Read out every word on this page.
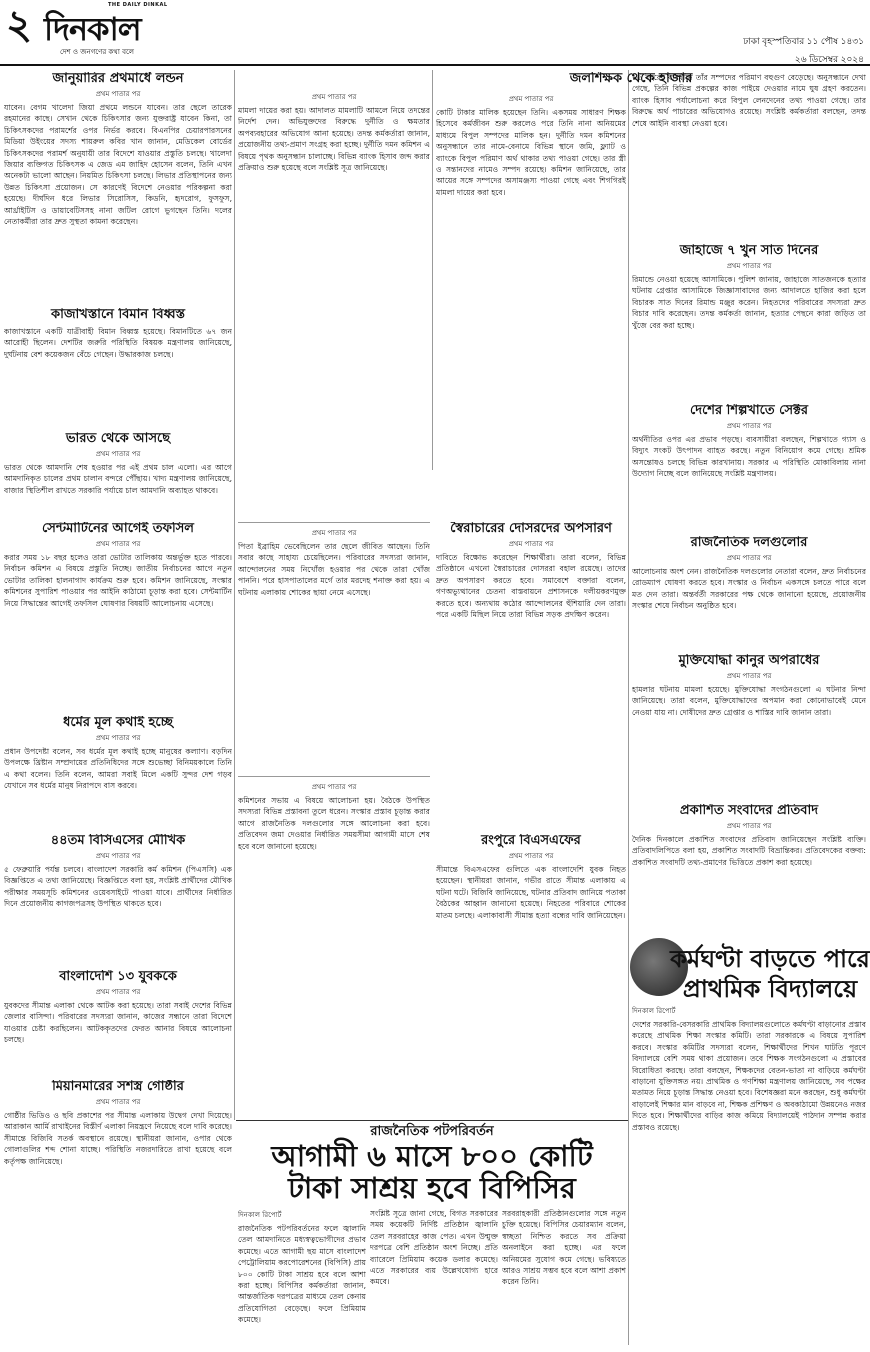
২ দিনকাল
THE DAILY DINKAL
দেশ ও জনগণের কথা বলে
ঢাকা বৃহস্পতিবার ১১ পৌষ ১৪৩১
২৬ ডিসেম্বর ২০২৪
জানুয়ারির প্রথমার্ধে লন্ডন
প্রথম পাতার পর
যাবেন। বেগম খালেদা জিয়া প্রথমে লন্ডনে যাবেন। তার ছেলে তারেক রহমানের কাছে। সেখান থেকে চিকিৎসার জন্য যুক্তরাষ্ট্র যাবেন কিনা, তা চিকিৎসকদের পরামর্শের ওপর নির্ভর করবে। বিএনপির চেয়ারপারসনের মিডিয়া উইংয়ের সদস্য শায়রুল কবির খান জানান, মেডিকেল বোর্ডের চিকিৎসকদের পরামর্শ অনুযায়ী তার বিদেশে যাওয়ার প্রস্তুতি চলছে। খালেদা জিয়ার ব্যক্তিগত চিকিৎসক এ জেড এম জাহিদ হোসেন বলেন, তিনি এখন অনেকটা ভালো আছেন। নিয়মিত চিকিৎসা চলছে। লিভার প্রতিস্থাপনের জন্য উন্নত চিকিৎসা প্রয়োজন। সে কারণেই বিদেশে নেওয়ার পরিকল্পনা করা হয়েছে। দীর্ঘদিন ধরে লিভার সিরোসিস, কিডনি, হৃদরোগ, ফুসফুস, আর্থ্রাইটিস ও ডায়াবেটিসসহ নানা জটিল রোগে ভুগছেন তিনি। দলের নেতাকর্মীরা তার দ্রুত সুস্থতা কামনা করেছেন।
কাজাখস্তানে বিমান বিধ্বস্ত
কাজাখস্তানে একটি যাত্রীবাহী বিমান বিধ্বস্ত হয়েছে। বিমানটিতে ৬৭ জন আরোহী ছিলেন। দেশটির জরুরি পরিস্থিতি বিষয়ক মন্ত্রণালয় জানিয়েছে, দুর্ঘটনায় বেশ কয়েকজন বেঁচে গেছেন। উদ্ধারকাজ চলছে।
ভারত থেকে আসছে
প্রথম পাতার পর
ভারত থেকে আমদানি শেষ হওয়ার পর এই প্রথম চাল এলো। এর আগে আমদানিকৃত চালের প্রথম চালান বন্দরে পৌঁছায়। খাদ্য মন্ত্রণালয় জানিয়েছে, বাজার স্থিতিশীল রাখতে সরকারি পর্যায়ে চাল আমদানি অব্যাহত থাকবে।
সেন্টমার্টিনের আগেই তফসিল
প্রথম পাতার পর
করার সময় ১৮ বছর হলেও তারা ভোটার তালিকায় অন্তর্ভুক্ত হতে পারবে। নির্বাচন কমিশন এ বিষয়ে প্রস্তুতি নিচ্ছে। জাতীয় নির্বাচনের আগে নতুন ভোটার তালিকা হালনাগাদ কার্যক্রম শুরু হবে। কমিশন জানিয়েছে, সংস্কার কমিশনের সুপারিশ পাওয়ার পর আইনি কাঠামো চূড়ান্ত করা হবে। সেন্টমার্টিন নিয়ে সিদ্ধান্তের আগেই তফসিল ঘোষণার বিষয়টি আলোচনায় এসেছে।
ধর্মের মূল কথাই হচ্ছে
প্রথম পাতার পর
প্রধান উপদেষ্টা বলেন, সব ধর্মের মূল কথাই হচ্ছে মানুষের কল্যাণ। বড়দিন উপলক্ষে খ্রিষ্টান সম্প্রদায়ের প্রতিনিধিদের সঙ্গে শুভেচ্ছা বিনিময়কালে তিনি এ কথা বলেন। তিনি বলেন, আমরা সবাই মিলে একটি সুন্দর দেশ গড়ব যেখানে সব ধর্মের মানুষ নিরাপদে বাস করবে।
৪৪তম বিসিএসের মৌখিক
প্রথম পাতার পর
৫ ফেব্রুয়ারি পর্যন্ত চলবে। বাংলাদেশ সরকারি কর্ম কমিশন (পিএসসি) এক বিজ্ঞপ্তিতে এ তথ্য জানিয়েছে। বিজ্ঞপ্তিতে বলা হয়, সংশ্লিষ্ট প্রার্থীদের মৌখিক পরীক্ষার সময়সূচি কমিশনের ওয়েবসাইটে পাওয়া যাবে। প্রার্থীদের নির্ধারিত দিনে প্রয়োজনীয় কাগজপত্রসহ উপস্থিত থাকতে হবে।
বাংলাদেশি ১৩ যুবককে
প্রথম পাতার পর
যুবকদের সীমান্ত এলাকা থেকে আটক করা হয়েছে। তারা সবাই দেশের বিভিন্ন জেলার বাসিন্দা। পরিবারের সদস্যরা জানান, কাজের সন্ধানে তারা বিদেশে যাওয়ার চেষ্টা করছিলেন। আটককৃতদের ফেরত আনার বিষয়ে আলোচনা চলছে।
মিয়ানমারের সশস্ত্র গোষ্ঠীর
প্রথম পাতার পর
গোষ্ঠীর ভিডিও ও ছবি প্রকাশের পর সীমান্ত এলাকায় উদ্বেগ দেখা দিয়েছে। আরাকান আর্মি রাখাইনের বিস্তীর্ণ এলাকা নিয়ন্ত্রণে নিয়েছে বলে দাবি করেছে। সীমান্তে বিজিবি সতর্ক অবস্থানে রয়েছে। স্থানীয়রা জানান, ওপার থেকে গোলাগুলির শব্দ শোনা যাচ্ছে। পরিস্থিতি নজরদারিতে রাখা হয়েছে বলে কর্তৃপক্ষ জানিয়েছে।
প্রথম পাতার পর
মামলা দায়ের করা হয়। আদালত মামলাটি আমলে নিয়ে তদন্তের নির্দেশ দেন। অভিযুক্তদের বিরুদ্ধে দুর্নীতি ও ক্ষমতার অপব্যবহারের অভিযোগ আনা হয়েছে। তদন্ত কর্মকর্তারা জানান, প্রয়োজনীয় তথ্য-প্রমাণ সংগ্রহ করা হচ্ছে। দুর্নীতি দমন কমিশন এ বিষয়ে পৃথক অনুসন্ধান চালাচ্ছে। বিভিন্ন ব্যাংক হিসাব জব্দ করার প্রক্রিয়াও শুরু হয়েছে বলে সংশ্লিষ্ট সূত্র জানিয়েছে।
প্রথম পাতার পর
পিতা ইব্রাহিম ভেবেছিলেন তার ছেলে জীবিত আছেন। তিনি সবার কাছে সাহায্য চেয়েছিলেন। পরিবারের সদস্যরা জানান, আন্দোলনের সময় নিখোঁজ হওয়ার পর থেকে তারা খোঁজ পাননি। পরে হাসপাতালের মর্গে তার মরদেহ শনাক্ত করা হয়। এ ঘটনায় এলাকায় শোকের ছায়া নেমে এসেছে।
প্রথম পাতার পর
কমিশনের সভায় এ বিষয়ে আলোচনা হয়। বৈঠকে উপস্থিত সদস্যরা বিভিন্ন প্রস্তাবনা তুলে ধরেন। সংস্কার প্রস্তাব চূড়ান্ত করার আগে রাজনৈতিক দলগুলোর সঙ্গে আলোচনা করা হবে। প্রতিবেদন জমা দেওয়ার নির্ধারিত সময়সীমা আগামী মাসে শেষ হবে বলে জানানো হয়েছে।
জলশিক্ষক থেকে হাজার
প্রথম পাতার পর
কোটি টাকার মালিক হয়েছেন তিনি। একসময় সাধারণ শিক্ষক হিসেবে কর্মজীবন শুরু করলেও পরে তিনি নানা অনিয়মের মাধ্যমে বিপুল সম্পদের মালিক হন। দুর্নীতি দমন কমিশনের অনুসন্ধানে তার নামে-বেনামে বিভিন্ন স্থানে জমি, ফ্ল্যাট ও ব্যাংকে বিপুল পরিমাণ অর্থ থাকার তথ্য পাওয়া গেছে। তার স্ত্রী ও সন্তানদের নামেও সম্পদ রয়েছে। কমিশন জানিয়েছে, তার আয়ের সঙ্গে সম্পদের অসামঞ্জস্য পাওয়া গেছে এবং শিগগিরই মামলা দায়ের করা হবে।
স্বৈরাচারের দোসরদের অপসারণ
প্রথম পাতার পর
দাবিতে বিক্ষোভ করেছেন শিক্ষার্থীরা। তারা বলেন, বিভিন্ন প্রতিষ্ঠানে এখনো স্বৈরাচারের দোসররা বহাল রয়েছে। তাদের দ্রুত অপসারণ করতে হবে। সমাবেশে বক্তারা বলেন, গণঅভ্যুত্থানের চেতনা বাস্তবায়নে প্রশাসনকে দলীয়করণমুক্ত করতে হবে। অন্যথায় কঠোর আন্দোলনের হুঁশিয়ারি দেন তারা। পরে একটি মিছিল নিয়ে তারা বিভিন্ন সড়ক প্রদক্ষিণ করেন।
রংপুরে বিএসএফের
প্রথম পাতার পর
সীমান্তে বিএসএফের গুলিতে এক বাংলাদেশি যুবক নিহত হয়েছেন। স্থানীয়রা জানান, গভীর রাতে সীমান্ত এলাকায় এ ঘটনা ঘটে। বিজিবি জানিয়েছে, ঘটনার প্রতিবাদ জানিয়ে পতাকা বৈঠকের আহ্বান জানানো হয়েছে। নিহতের পরিবারে শোকের মাতম চলছে। এলাকাবাসী সীমান্ত হত্যা বন্ধের দাবি জানিয়েছেন।
১৫ বছরের ব্যবধানে তাঁর সম্পদের পরিমাণ বহুগুণ বেড়েছে। অনুসন্ধানে দেখা গেছে, তিনি বিভিন্ন প্রকল্পের কাজ পাইয়ে দেওয়ার নামে ঘুষ গ্রহণ করতেন। ব্যাংক হিসাব পর্যালোচনা করে বিপুল লেনদেনের তথ্য পাওয়া গেছে। তার বিরুদ্ধে অর্থ পাচারের অভিযোগও রয়েছে। সংশ্লিষ্ট কর্মকর্তারা বলছেন, তদন্ত শেষে আইনি ব্যবস্থা নেওয়া হবে।
জাহাজে ৭ খুন সাত দিনের
প্রথম পাতার পর
রিমান্ডে নেওয়া হয়েছে আসামিকে। পুলিশ জানায়, জাহাজে সাতজনকে হত্যার ঘটনায় গ্রেপ্তার আসামিকে জিজ্ঞাসাবাদের জন্য আদালতে হাজির করা হলে বিচারক সাত দিনের রিমান্ড মঞ্জুর করেন। নিহতদের পরিবারের সদস্যরা দ্রুত বিচার দাবি করেছেন। তদন্ত কর্মকর্তা জানান, হত্যার পেছনে কারা জড়িত তা খুঁজে বের করা হচ্ছে।
দেশের শিল্পখাতে সেক্টর
প্রথম পাতার পর
অর্থনীতির ওপর এর প্রভাব পড়ছে। ব্যবসায়ীরা বলছেন, শিল্পখাতে গ্যাস ও বিদ্যুৎ সংকট উৎপাদন ব্যাহত করছে। নতুন বিনিয়োগ কমে গেছে। শ্রমিক অসন্তোষও চলছে বিভিন্ন কারখানায়। সরকার এ পরিস্থিতি মোকাবিলায় নানা উদ্যোগ নিচ্ছে বলে জানিয়েছে সংশ্লিষ্ট মন্ত্রণালয়।
রাজনৈতিক দলগুলোর
প্রথম পাতার পর
আলোচনায় অংশ নেন। রাজনৈতিক দলগুলোর নেতারা বলেন, দ্রুত নির্বাচনের রোডম্যাপ ঘোষণা করতে হবে। সংস্কার ও নির্বাচন একসঙ্গে চলতে পারে বলে মত দেন তারা। অন্তর্বর্তী সরকারের পক্ষ থেকে জানানো হয়েছে, প্রয়োজনীয় সংস্কার শেষে নির্বাচন অনুষ্ঠিত হবে।
মুক্তিযোদ্ধা কানুর অপরাধের
প্রথম পাতার পর
হামলার ঘটনায় মামলা হয়েছে। মুক্তিযোদ্ধা সংগঠনগুলো এ ঘটনার নিন্দা জানিয়েছে। তারা বলেন, মুক্তিযোদ্ধাদের অপমান করা কোনোভাবেই মেনে নেওয়া যায় না। দোষীদের দ্রুত গ্রেপ্তার ও শাস্তির দাবি জানান তারা।
প্রকাশিত সংবাদের প্রতিবাদ
প্রথম পাতার পর
দৈনিক দিনকালে প্রকাশিত সংবাদের প্রতিবাদ জানিয়েছেন সংশ্লিষ্ট ব্যক্তি। প্রতিবাদলিপিতে বলা হয়, প্রকাশিত সংবাদটি বিভ্রান্তিকর। প্রতিবেদকের বক্তব্য: প্রকাশিত সংবাদটি তথ্য-প্রমাণের ভিত্তিতে প্রকাশ করা হয়েছে।
কর্মঘণ্টা বাড়তে পারে
প্রাথমিক বিদ্যালয়ে
দিনকাল রিপোর্ট
দেশের সরকারি-বেসরকারি প্রাথমিক বিদ্যালয়গুলোতে কর্মঘণ্টা বাড়ানোর প্রস্তাব করেছে প্রাথমিক শিক্ষা সংস্কার কমিটি। তারা সরকারকে এ বিষয়ে সুপারিশ করবে। সংস্কার কমিটির সদস্যরা বলেন, শিক্ষার্থীদের শিখন ঘাটতি পূরণে বিদ্যালয়ে বেশি সময় থাকা প্রয়োজন। তবে শিক্ষক সংগঠনগুলো এ প্রস্তাবের বিরোধিতা করছে। তারা বলছেন, শিক্ষকদের বেতন-ভাতা না বাড়িয়ে কর্মঘণ্টা বাড়ানো যুক্তিসঙ্গত নয়। প্রাথমিক ও গণশিক্ষা মন্ত্রণালয় জানিয়েছে, সব পক্ষের মতামত নিয়ে চূড়ান্ত সিদ্ধান্ত নেওয়া হবে। বিশেষজ্ঞরা মনে করছেন, শুধু কর্মঘণ্টা বাড়ালেই শিক্ষার মান বাড়বে না, শিক্ষক প্রশিক্ষণ ও অবকাঠামো উন্নয়নেও নজর দিতে হবে। শিক্ষার্থীদের বাড়ির কাজ কমিয়ে বিদ্যালয়েই পাঠদান সম্পন্ন করার প্রস্তাবও রয়েছে।
রাজনৈতিক পটপরিবর্তন
আগামী ৬ মাসে ৮০০ কোটি
টাকা সাশ্রয় হবে বিপিসির
দিনকাল রিপোর্ট
রাজনৈতিক পটপরিবর্তনের ফলে জ্বালানি তেল আমদানিতে মধ্যস্বত্বভোগীদের প্রভাব কমেছে। এতে আগামী ছয় মাসে বাংলাদেশ পেট্রোলিয়াম করপোরেশনের (বিপিসি) প্রায় ৮০০ কোটি টাকা সাশ্রয় হবে বলে আশা করা হচ্ছে। বিপিসির কর্মকর্তারা জানান, আন্তর্জাতিক দরপত্রের মাধ্যমে তেল কেনায় প্রতিযোগিতা বেড়েছে। ফলে প্রিমিয়াম কমেছে।
সংশ্লিষ্ট সূত্রে জানা গেছে, বিগত সরকারের সময় কয়েকটি নির্দিষ্ট প্রতিষ্ঠান জ্বালানি তেল সরবরাহের কাজ পেত। এখন উন্মুক্ত দরপত্রে বেশি প্রতিষ্ঠান অংশ নিচ্ছে। প্রতি ব্যারেলে প্রিমিয়াম কয়েক ডলার কমেছে। এতে সরকারের ব্যয় উল্লেখযোগ্য হারে কমবে।
সরবরাহকারী প্রতিষ্ঠানগুলোর সঙ্গে নতুন চুক্তি হয়েছে। বিপিসির চেয়ারম্যান বলেন, স্বচ্ছতা নিশ্চিত করতে সব প্রক্রিয়া অনলাইনে করা হচ্ছে। এর ফলে অনিয়মের সুযোগ কমে গেছে। ভবিষ্যতে আরও সাশ্রয় সম্ভব হবে বলে আশা প্রকাশ করেন তিনি।
